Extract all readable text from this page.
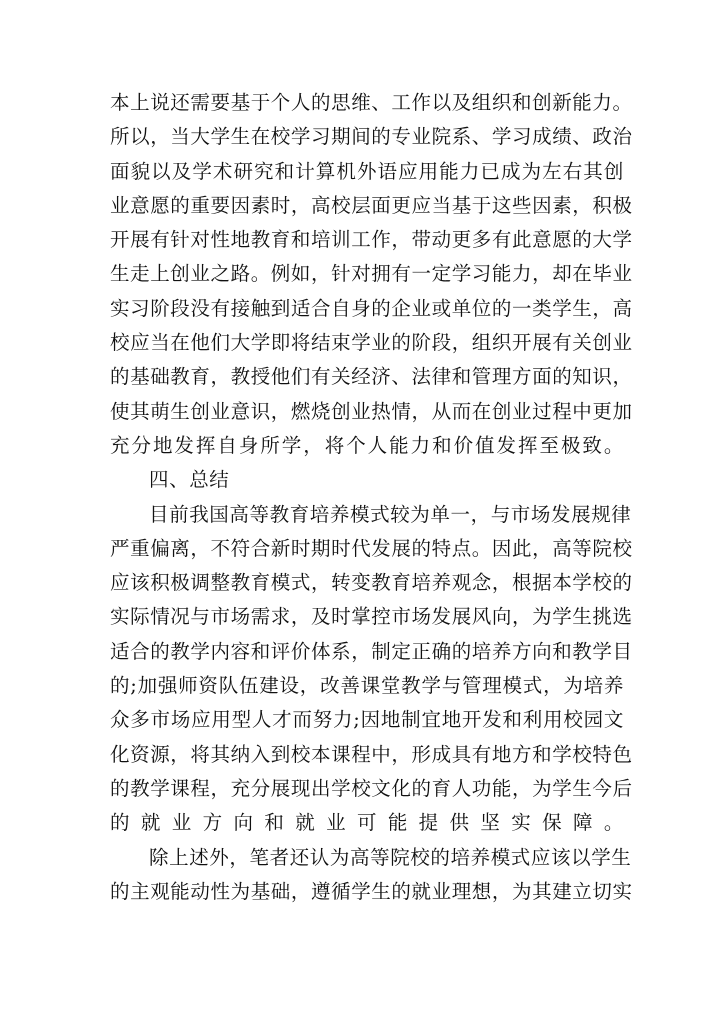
本上说还需要基于个人的思维、工作以及组织和创新能力。
所以，当大学生在校学习期间的专业院系、学习成绩、政治
面貌以及学术研究和计算机外语应用能力已成为左右其创
业意愿的重要因素时，高校层面更应当基于这些因素，积极
开展有针对性地教育和培训工作，带动更多有此意愿的大学
生走上创业之路。例如，针对拥有一定学习能力，却在毕业
实习阶段没有接触到适合自身的企业或单位的一类学生，高
校应当在他们大学即将结束学业的阶段，组织开展有关创业
的基础教育，教授他们有关经济、法律和管理方面的知识，
使其萌生创业意识，燃烧创业热情，从而在创业过程中更加
充分地发挥自身所学，将个人能力和价值发挥至极致。
四、总结
目前我国高等教育培养模式较为单一，与市场发展规律
严重偏离，不符合新时期时代发展的特点。因此，高等院校
应该积极调整教育模式，转变教育培养观念，根据本学校的
实际情况与市场需求，及时掌控市场发展风向，为学生挑选
适合的教学内容和评价体系，制定正确的培养方向和教学目
的;加强师资队伍建设，改善课堂教学与管理模式，为培养
众多市场应用型人才而努力;因地制宜地开发和利用校园文
化资源，将其纳入到校本课程中，形成具有地方和学校特色
的教学课程，充分展现出学校文化的育人功能，为学生今后
的就业方向和就业可能提供坚实保障。
除上述外，笔者还认为高等院校的培养模式应该以学生
的主观能动性为基础，遵循学生的就业理想，为其建立切实
